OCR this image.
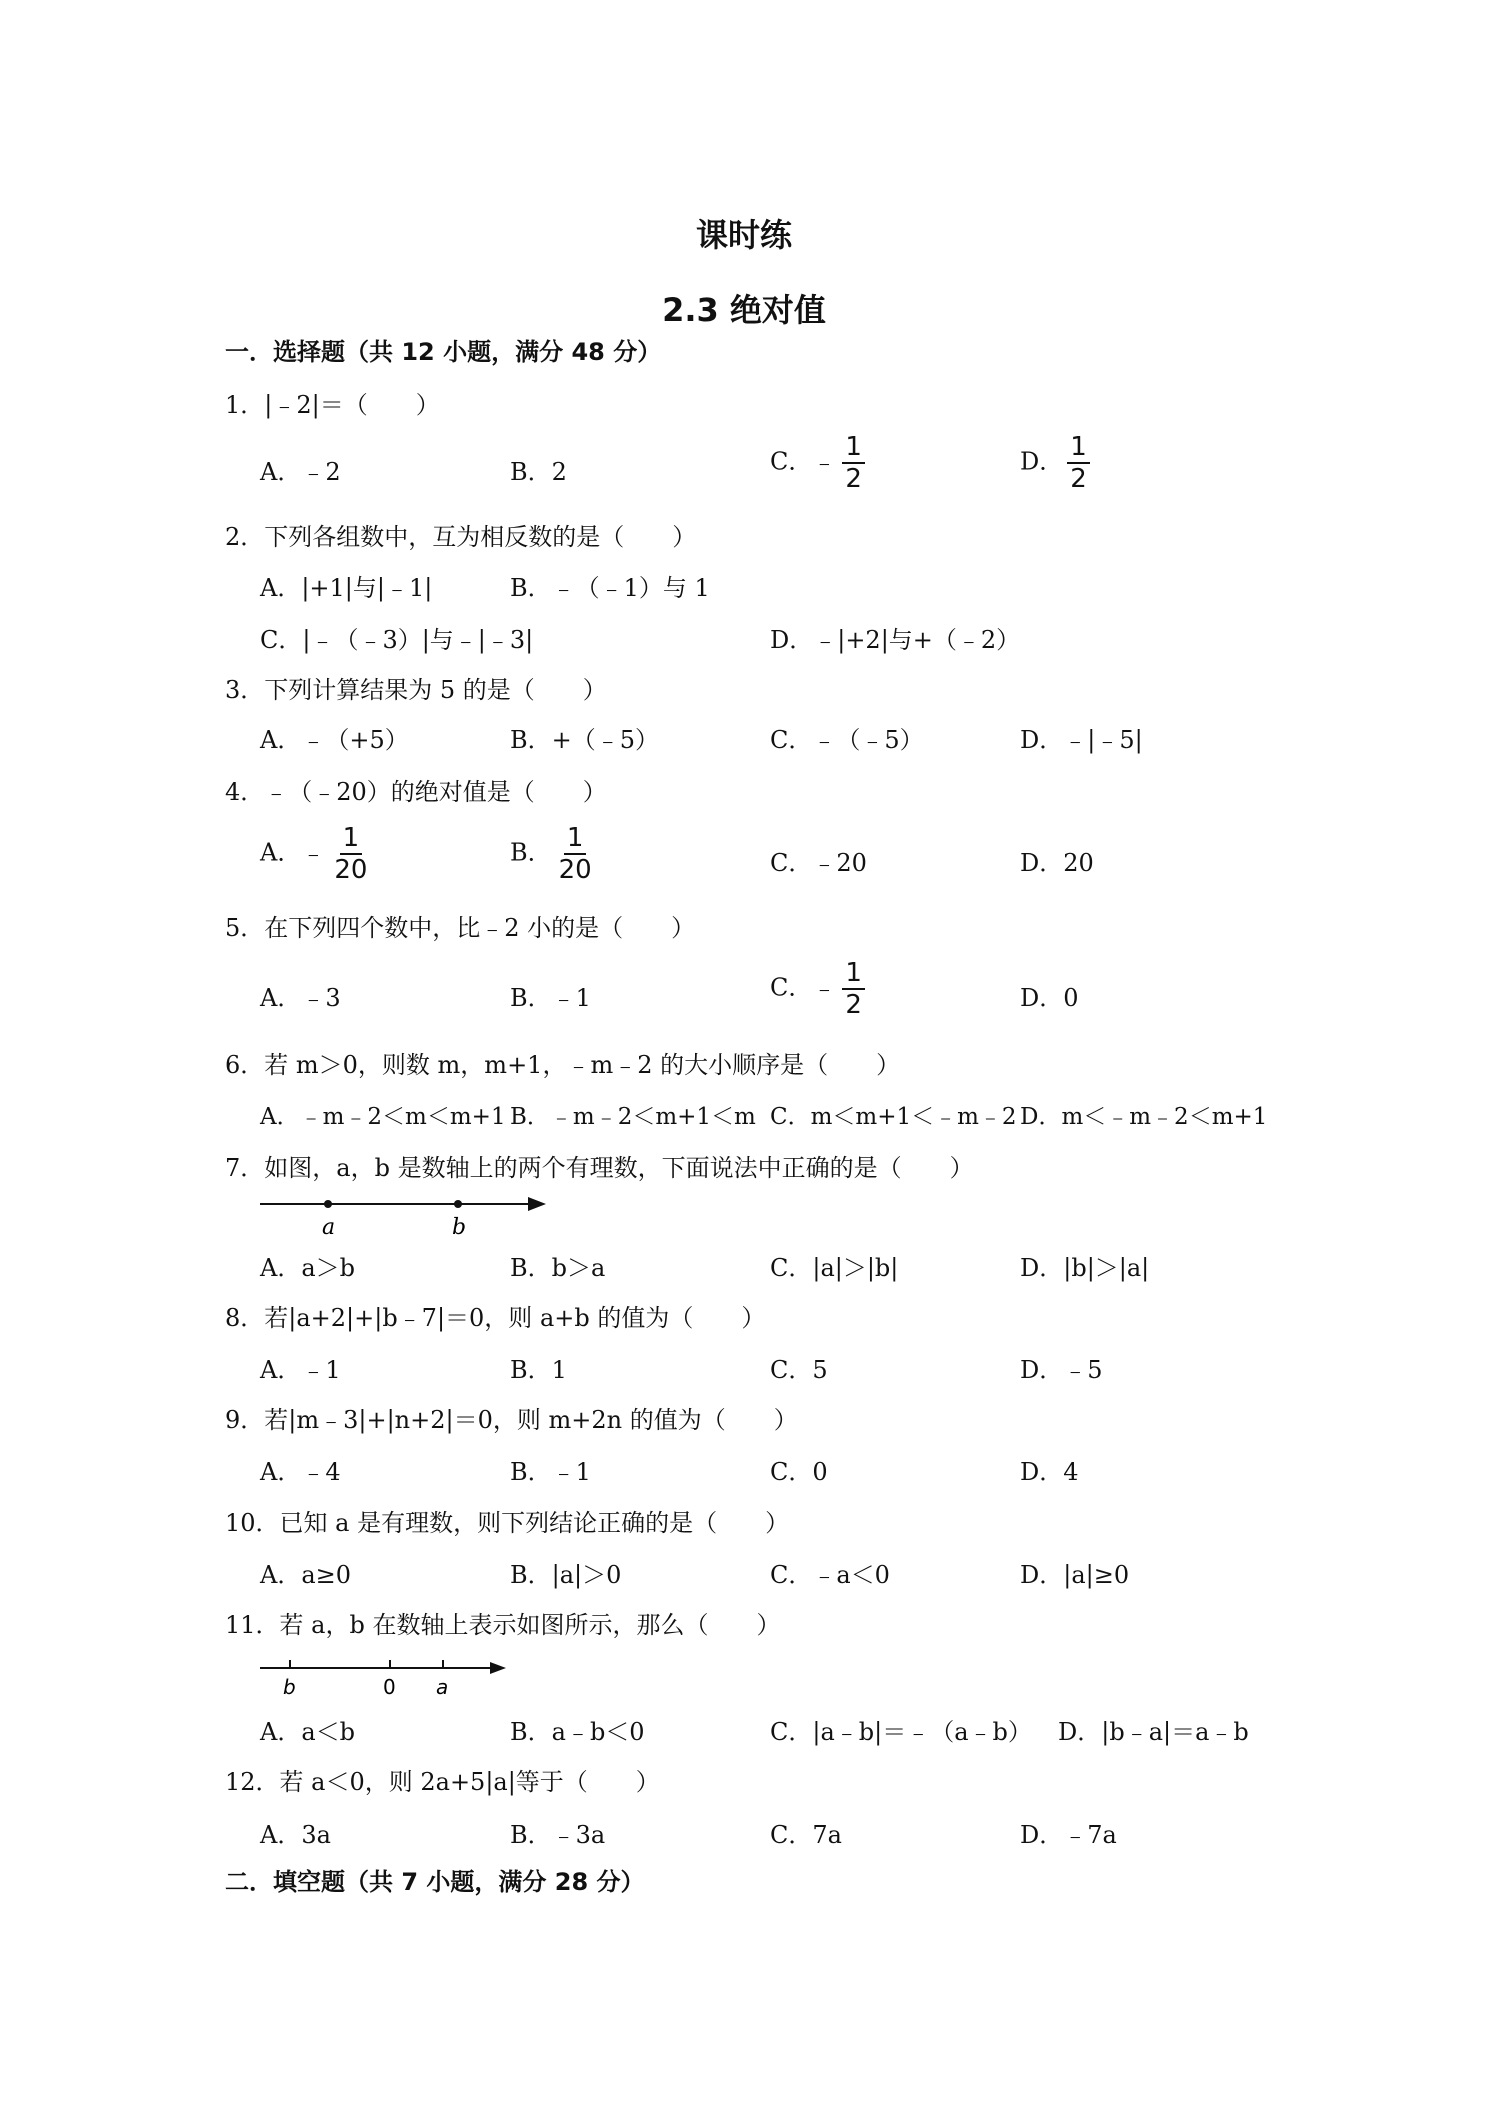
课时练
2.3 绝对值
一．选择题（共 12 小题，满分 48 分）
1．|﹣2|＝（　　）
A．﹣2	B．2	C．﹣ $\frac{1}{2}$	D． $\frac{1}{2}$
2．下列各组数中，互为相反数的是（　　）
A．|+1|与|﹣1|	B．﹣（﹣1）与 1
C．|﹣（﹣3）|与﹣|﹣3|	D．﹣|+2|与+（﹣2）
3．下列计算结果为 5 的是（　　）
A．﹣（+5）	B．+（﹣5）	C．﹣（﹣5）	D．﹣|﹣5|
4．﹣（﹣20）的绝对值是（　　）
A．﹣ $\frac{1}{20}$	B． $\frac{1}{20}$	C．﹣20	D．20
5．在下列四个数中，比﹣2 小的是（　　）
A．﹣3	B．﹣1	C．﹣ $\frac{1}{2}$	D．0
6．若 m＞0，则数 m，m+1，﹣m﹣2 的大小顺序是（　　）
A．﹣m﹣2＜m＜m+1 B．﹣m﹣2＜m+1＜m C．m＜m+1＜﹣m﹣2 D．m＜﹣m﹣2＜m+1
7．如图，a，b 是数轴上的两个有理数，下面说法中正确的是（　　）
a	b
A．a＞b	B．b＞a	C．|a|＞|b|	D．|b|＞|a|
8．若|a+2|+|b﹣7|＝0，则 a+b 的值为（　　）
A．﹣1	B．1	C．5	D．﹣5
9．若|m﹣3|+|n+2|＝0，则 m+2n 的值为（　　）
A．﹣4	B．﹣1	C．0	D．4
10．已知 a 是有理数，则下列结论正确的是（　　）
A．a≥0	B．|a|＞0	C．﹣a＜0	D．|a|≥0
11．若 a，b 在数轴上表示如图所示，那么（　　）
b	0 a
A．a＜b	B．a﹣b＜0	C．|a﹣b|＝﹣（a﹣b） D．|b﹣a|＝a﹣b
12．若 a＜0，则 2a+5|a|等于（　　）
A．3a	B．﹣3a	C．7a	D．﹣7a
二．填空题（共 7 小题，满分 28 分）
